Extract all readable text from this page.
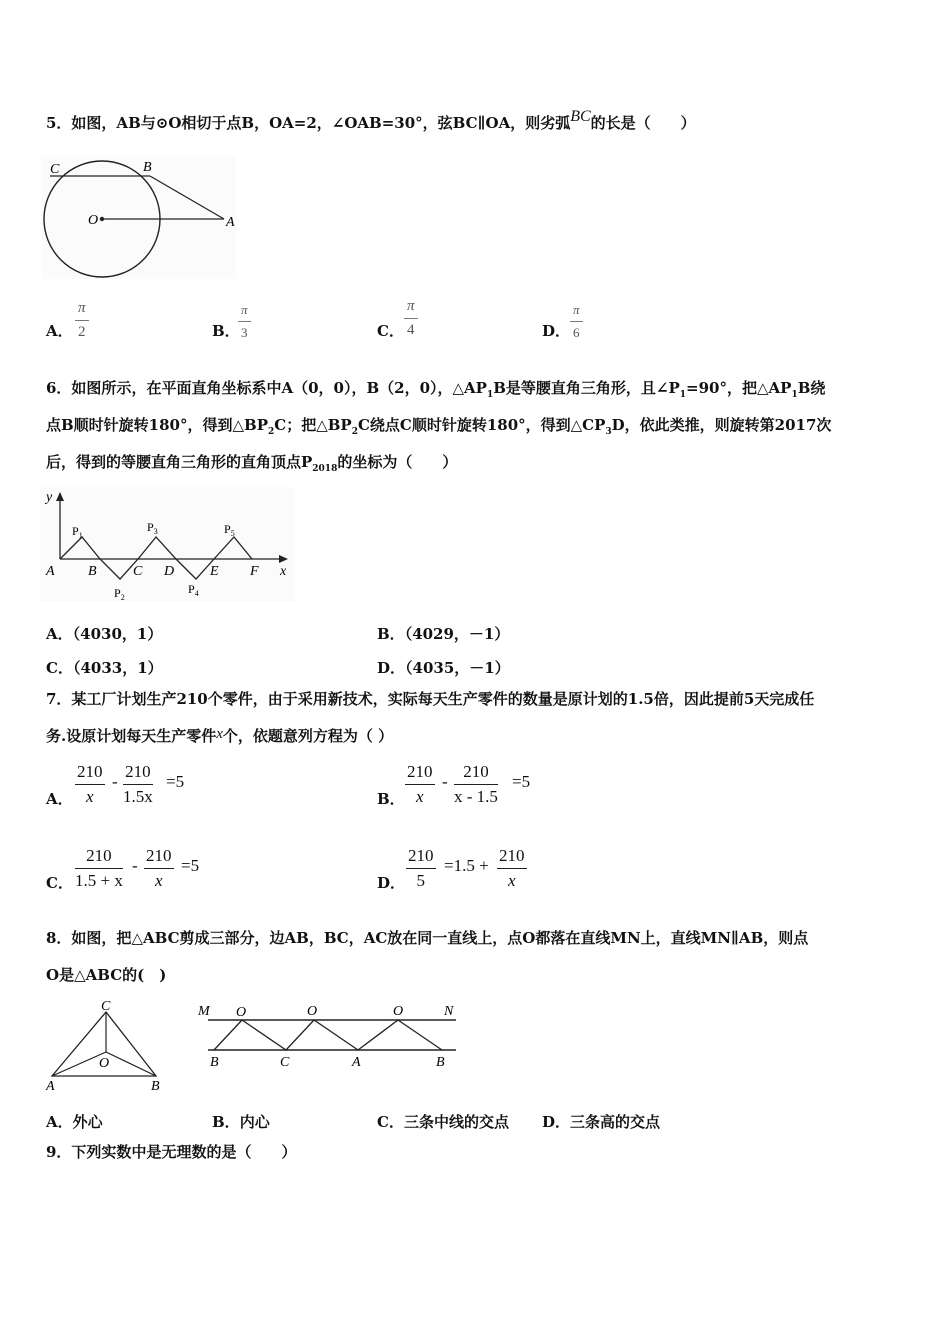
5．如图，AB与⊙O相切于点B，OA=2，∠OAB=30°，弦BC∥OA，则劣弧BC的长是（　　）
C	B
O	A
A．
π
2	B．
π
3	C．
π
4	D．
π
6
6．如图所示，在平面直角坐标系中A（0，0），B（2，0），$\triangle AP_1B$是等腰直角三角形，且$\angle P_1=90^\circ$，把$\triangle AP_1B$绕
点B顺时针旋转180°，得到$\triangle BP_2C$；把$\triangle BP_2C$绕点C顺时针旋转180°，得到$\triangle CP_3D$，依此类推，则旋转第2017次
后，得到的等腰直角三角形的直角顶点$P_{2018}$的坐标为（　　）
y
x
$P_1$
$P_2$
$P_3$
$P_4$
$P_5$
A B	C D	E F
A．（4030，1）	B．（4029，－1）
C．（4033，1）	D．（4035，－1）
7．某工厂计划生产210个零件，由于采用新技术，实际每天生产零件的数量是原计划的1.5倍，因此提前5天完成任
务.设原计划每天生产零件x个，依题意列方程为（ ）
A． $\frac{210}{x} - \frac{210}{1.5x} =5$
B． $\frac{210}{x} - \frac{210}{x - 1.5} =5$
C． $\frac{210}{1.5 + x} - \frac{210}{x} =5$
D． $\frac{210}{5} =1.5 + \frac{210}{x}$
8．如图，把△ABC剪成三部分，边AB，BC，AC放在同一直线上，点O都落在直线MN上，直线MN∥AB，则点
O是△ABC的(　)
C
O
A	B
M	N
O	O	O
B	C	A	B
A．外心	B．内心	C．三条中线的交点 D．三条高的交点
9．下列实数中是无理数的是（　　）
